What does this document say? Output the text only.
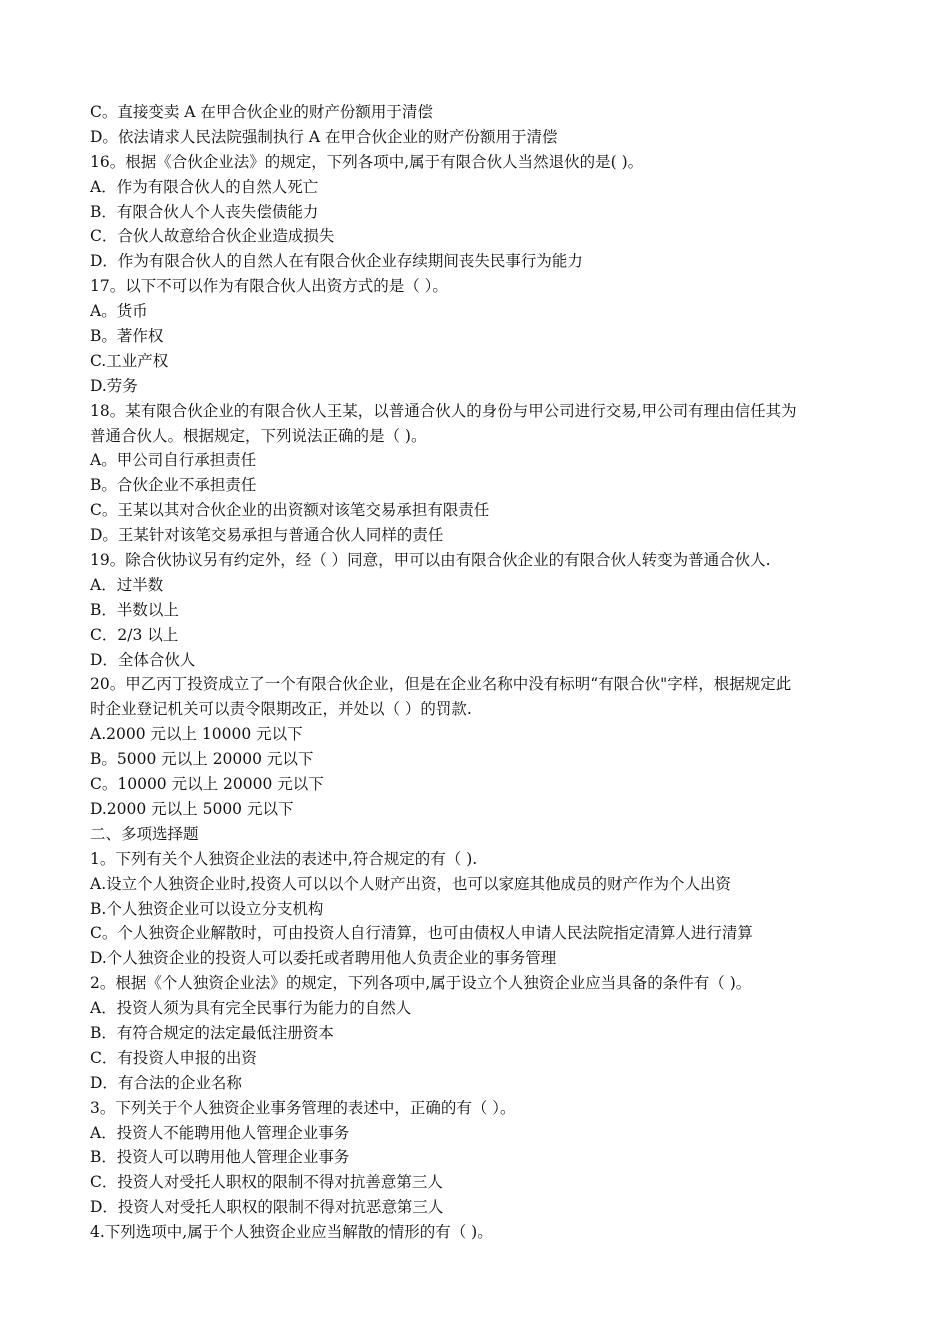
C。直接变卖 A 在甲合伙企业的财产份额用于清偿
D。依法请求人民法院强制执行 A 在甲合伙企业的财产份额用于清偿
16。根据《合伙企业法》的规定，下列各项中,属于有限合伙人当然退伙的是( )。
A．作为有限合伙人的自然人死亡
B．有限合伙人个人丧失偿债能力
C．合伙人故意给合伙企业造成损失
D．作为有限合伙人的自然人在有限合伙企业存续期间丧失民事行为能力
17。以下不可以作为有限合伙人出资方式的是（ ）。
A。货币
B。著作权
C.工业产权
D.劳务
18。某有限合伙企业的有限合伙人王某，以普通合伙人的身份与甲公司进行交易,甲公司有理由信任其为
普通合伙人。根据规定，下列说法正确的是（ )。
A。甲公司自行承担责任
B。合伙企业不承担责任
C。王某以其对合伙企业的出资额对该笔交易承担有限责任
D。王某针对该笔交易承担与普通合伙人同样的责任
19。除合伙协议另有约定外，经（ ）同意，甲可以由有限合伙企业的有限合伙人转变为普通合伙人.
A．过半数
B．半数以上
C．2/3 以上
D．全体合伙人
20。甲乙丙丁投资成立了一个有限合伙企业，但是在企业名称中没有标明“有限合伙"字样，根据规定此
时企业登记机关可以责令限期改正，并处以（ ）的罚款.
A.2000 元以上 10000 元以下
B。5000 元以上 20000 元以下
C。10000 元以上 20000 元以下
D.2000 元以上 5000 元以下
二、多项选择题
1。下列有关个人独资企业法的表述中,符合规定的有（ ).
A.设立个人独资企业时,投资人可以以个人财产出资，也可以家庭其他成员的财产作为个人出资
B.个人独资企业可以设立分支机构
C。个人独资企业解散时，可由投资人自行清算，也可由债权人申请人民法院指定清算人进行清算
D.个人独资企业的投资人可以委托或者聘用他人负责企业的事务管理
2。根据《个人独资企业法》的规定，下列各项中,属于设立个人独资企业应当具备的条件有（ )。
A．投资人须为具有完全民事行为能力的自然人
B．有符合规定的法定最低注册资本
C．有投资人申报的出资
D．有合法的企业名称
3。下列关于个人独资企业事务管理的表述中，正确的有（ ）。
A．投资人不能聘用他人管理企业事务
B．投资人可以聘用他人管理企业事务
C．投资人对受托人职权的限制不得对抗善意第三人
D．投资人对受托人职权的限制不得对抗恶意第三人
4.下列选项中,属于个人独资企业应当解散的情形的有（ )。
